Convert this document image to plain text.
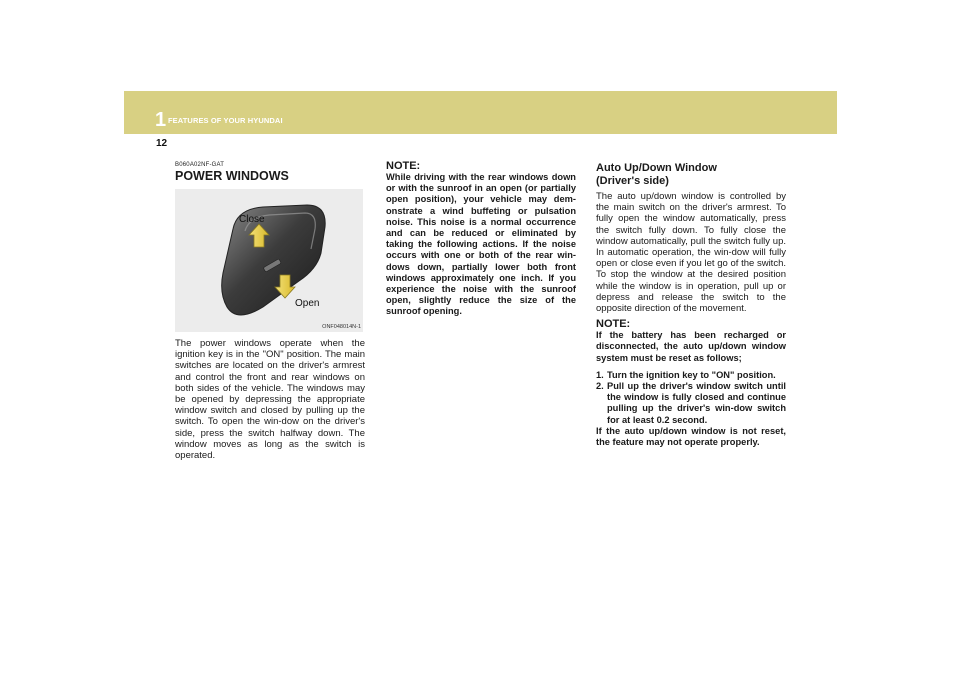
1 FEATURES OF YOUR HYUNDAI
12
B060A02NF-GAT
POWER WINDOWS
Close
Open
ONF048014N-1

The power windows operate when the ignition key is in the "ON" position. The main switches are located on the driver's armrest and control the front and rear windows on both sides of the vehicle. The windows may be opened by depressing the appropriate window switch and closed by pulling up the switch. To open the win-dow on the driver's side, press the switch halfway down. The window moves as long as the switch is operated.

NOTE:

While driving with the rear windows down or with the sunroof in an open (or partially open position), your vehicle may dem-onstrate a wind buffeting or pulsation noise. This noise is a normal occurrence and can be reduced or eliminated by taking the following actions. If the noise occurs with one or both of the rear win-dows down, partially lower both front windows approximately one inch. If you experience the noise with the sunroof open, slightly reduce the size of the sunroof opening.

Auto Up/Down Window

(Driver's side)

The auto up/down window is controlled by the main switch on the driver's armrest. To fully open the window automatically, press the switch fully down. To fully close the window automatically, pull the switch fully up. In automatic operation, the win-dow will fully open or close even if you let go of the switch. To stop the window at the desired position while the window is in operation, pull up or depress and release the switch to the opposite direction of the movement.

NOTE:

If the battery has been recharged or disconnected, the auto up/down window system must be reset as follows;

1. Turn the ignition key to "ON" position.
2. Pull up the driver's window switch until the window is fully closed and continue pulling up the driver's win-dow switch for at least 0.2 second.

If the auto up/down window is not reset, the feature may not operate properly.
